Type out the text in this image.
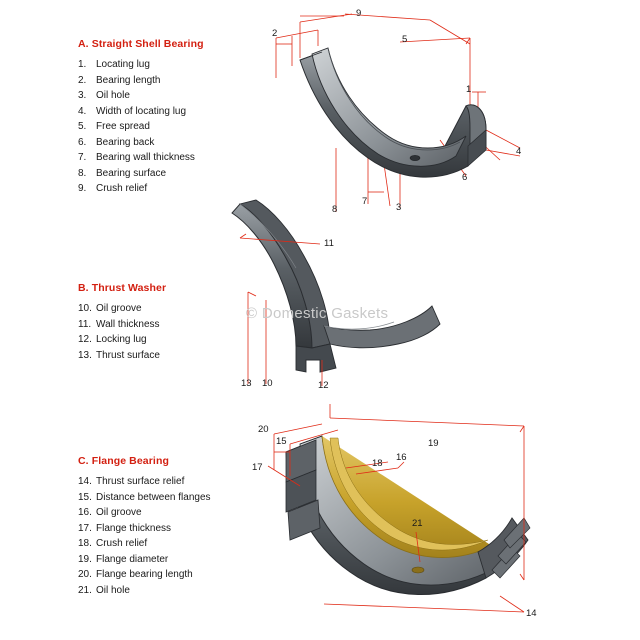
A. Straight Shell Bearing
1. Locating lug
2. Bearing length
3. Oil hole
4. Width of locating lug
5. Free spread
6. Bearing back
7. Bearing wall thickness
8. Bearing surface
9. Crush relief
B. Thrust Washer
10. Oil groove
11. Wall thickness
12. Locking lug
13. Thrust surface
C. Flange Bearing
14. Thrust surface relief
15. Distance between flanges
16. Oil groove
17. Flange thickness
18. Crush relief
19. Flange diameter
20. Flange bearing length
21. Oil hole
9
2
5
1
4
6
8
7
3
11
13 10	12
20
15	19
17	18
16
21
14
© Domestic Gaskets
